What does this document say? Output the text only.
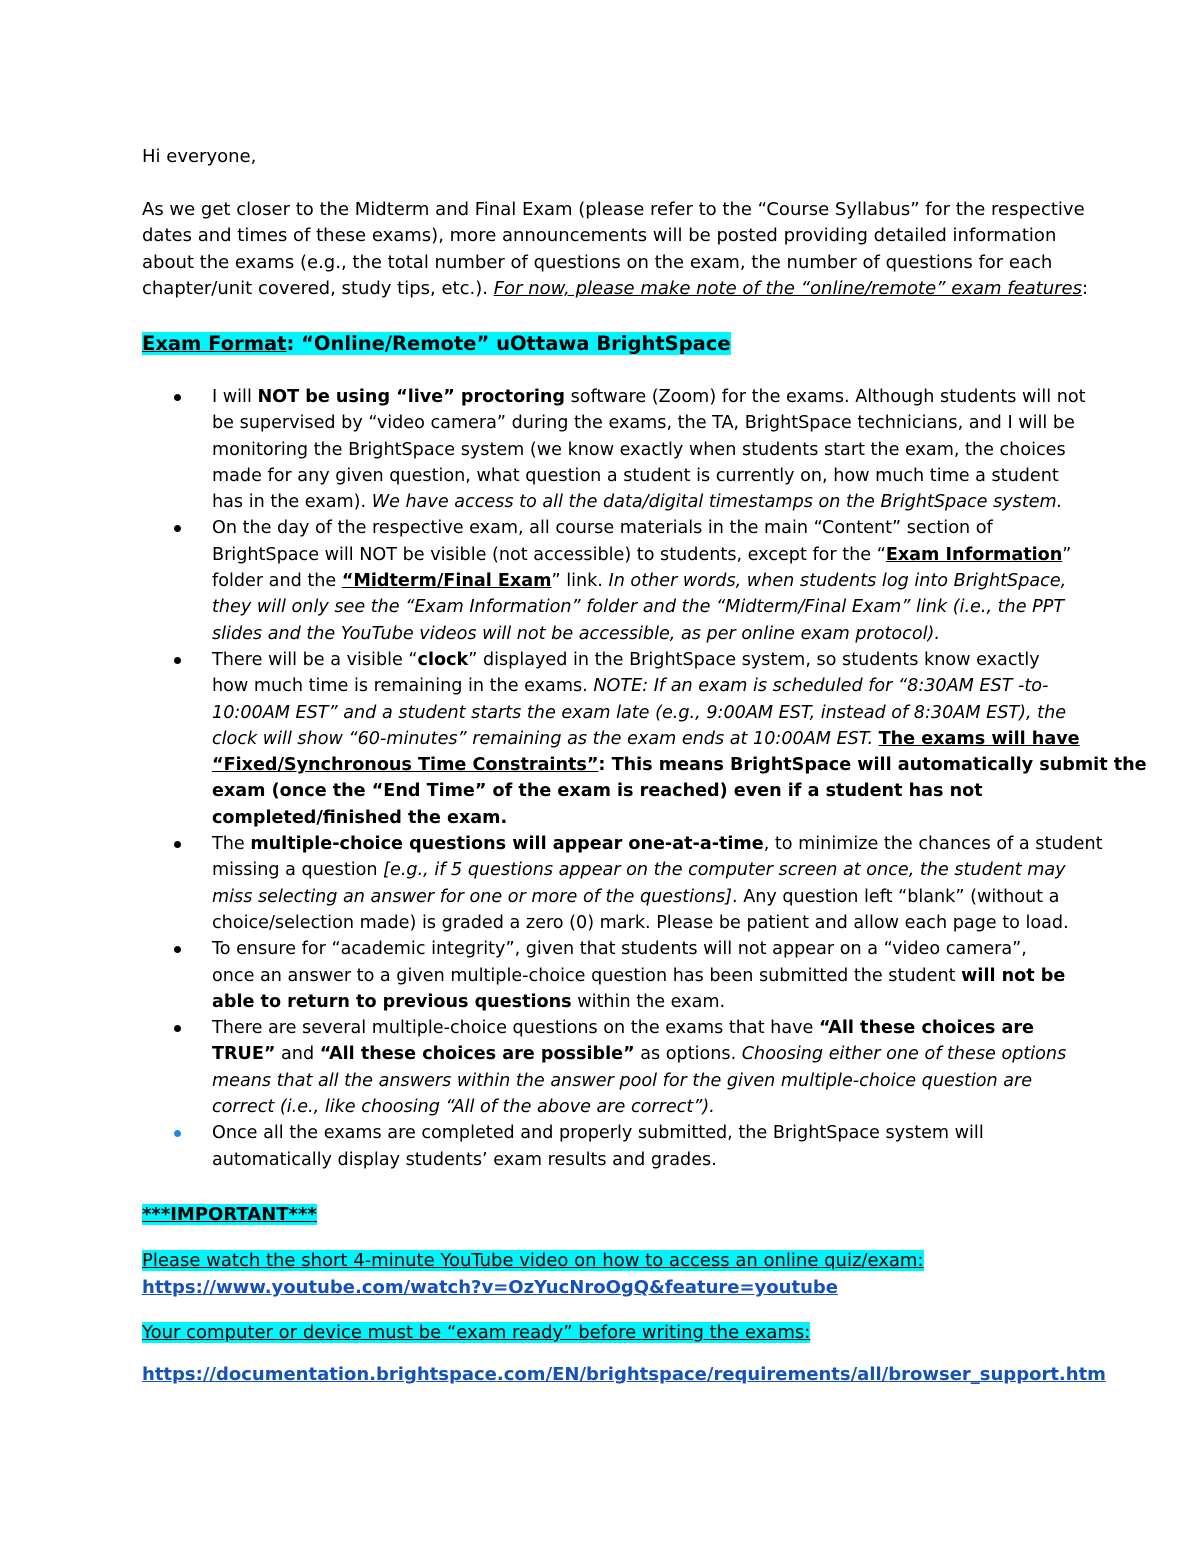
Hi everyone,
As we get closer to the Midterm and Final Exam (please refer to the “Course Syllabus” for the respective
dates and times of these exams), more announcements will be posted providing detailed information
about the exams (e.g., the total number of questions on the exam, the number of questions for each
chapter/unit covered, study tips, etc.). For now, please make note of the “online/remote” exam features:
Exam Format: “Online/Remote” uOttawa BrightSpace
I will NOT be using “live” proctoring software (Zoom) for the exams. Although students will not
be supervised by “video camera” during the exams, the TA, BrightSpace technicians, and I will be
monitoring the BrightSpace system (we know exactly when students start the exam, the choices
made for any given question, what question a student is currently on, how much time a student
has in the exam). We have access to all the data/digital timestamps on the BrightSpace system.
On the day of the respective exam, all course materials in the main “Content” section of
BrightSpace will NOT be visible (not accessible) to students, except for the “Exam Information”
folder and the “Midterm/Final Exam” link. In other words, when students log into BrightSpace,
they will only see the “Exam Information” folder and the “Midterm/Final Exam” link (i.e., the PPT
slides and the YouTube videos will not be accessible, as per online exam protocol).
There will be a visible “clock” displayed in the BrightSpace system, so students know exactly
how much time is remaining in the exams. NOTE: If an exam is scheduled for “8:30AM EST -to-
10:00AM EST” and a student starts the exam late (e.g., 9:00AM EST, instead of 8:30AM EST), the
clock will show “60-minutes” remaining as the exam ends at 10:00AM EST. The exams will have
“Fixed/Synchronous Time Constraints”: This means BrightSpace will automatically submit the
exam (once the “End Time” of the exam is reached) even if a student has not
completed/finished the exam.
The multiple-choice questions will appear one-at-a-time, to minimize the chances of a student
missing a question [e.g., if 5 questions appear on the computer screen at once, the student may
miss selecting an answer for one or more of the questions]. Any question left “blank” (without a
choice/selection made) is graded a zero (0) mark. Please be patient and allow each page to load.
To ensure for “academic integrity”, given that students will not appear on a “video camera”,
once an answer to a given multiple-choice question has been submitted the student will not be
able to return to previous questions within the exam.
There are several multiple-choice questions on the exams that have “All these choices are
TRUE” and “All these choices are possible” as options. Choosing either one of these options
means that all the answers within the answer pool for the given multiple-choice question are
correct (i.e., like choosing “All of the above are correct”).
Once all the exams are completed and properly submitted, the BrightSpace system will
automatically display students’ exam results and grades.
***IMPORTANT***
Please watch the short 4-minute YouTube video on how to access an online quiz/exam:
https://www.youtube.com/watch?v=OzYucNroOgQ&feature=youtube
Your computer or device must be “exam ready” before writing the exams:
https://documentation.brightspace.com/EN/brightspace/requirements/all/browser_support.htm
